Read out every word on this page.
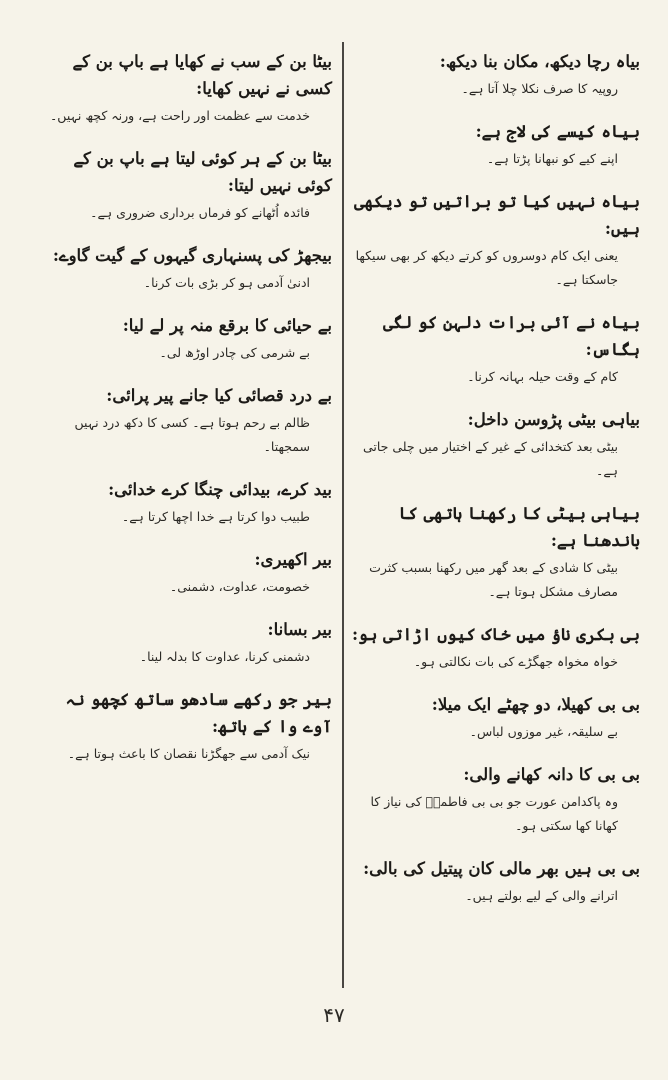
بیاہ رچا دیکھ، مکان بنا دیکھ:

روپیہ کا صرف نکلا چلا آتا ہے۔

بیاہ کیسے کی لاج ہے:

اپنے کیے کو نبھانا پڑتا ہے۔

بیاہ نہیں کیا تو براتیں تو دیکھی ہیں:

یعنی ایک کام دوسروں کو کرتے دیکھ کر بھی سیکھا جاسکتا ہے۔

بیاہ نے آئی برات دلہن کو لگی ہگاس:

کام کے وقت حیلہ بہانہ کرنا۔

بیاہی بیٹی پڑوسن داخل:

بیٹی بعد کتخدائی کے غیر کے اختیار میں چلی جاتی ہے۔

بیاہی بیٹی کا رکھنا ہاتھی کا باندھنا ہے:

بیٹی کا شادی کے بعد گھر میں رکھنا بسبب کثرت مصارف مشکل ہوتا ہے۔

بی بکری ناؤ میں خاک کیوں اڑاتی ہو:

خواہ مخواہ جھگڑے کی بات نکالتی ہو۔

بی بی کھیلا، دو چھٹے ایک میلا:

بے سلیقہ، غیر موزوں لباس۔

بی بی کا دانہ کھانے والی:

وہ پاکدامن عورت جو بی بی فاطمہؓ کی نیاز کا کھانا کھا سکتی ہو۔

بی بی ہیں بھر مالی کان پیتیل کی بالی:

اترانے والی کے لیے بولتے ہیں۔

بیٹا بن کے سب نے کھایا ہے باپ بن کے کسی نے نہیں کھایا:

خدمت سے عظمت اور راحت ہے، ورنہ کچھ نہیں۔

بیٹا بن کے ہر کوئی لیتا ہے باپ بن کے کوئی نہیں لیتا:

فائدہ اُٹھانے کو فرماں برداری ضروری ہے۔

بیجھڑ کی پسنہاری گیہوں کے گیت گاوے:

ادنیٰ آدمی ہو کر بڑی بات کرنا۔

بے حیائی کا برقع منہ پر لے لیا:

بے شرمی کی چادر اوڑھ لی۔

بے درد قصائی کیا جانے پیر پرائی:

ظالم بے رحم ہوتا ہے۔ کسی کا دکھ درد نہیں سمجھتا۔

بید کرے، بیدائی چنگا کرے خدائی:

طبیب دوا کرتا ہے خدا اچھا کرتا ہے۔

بیر اکھیری:

خصومت، عداوت، دشمنی۔

بیر بسانا:

دشمنی کرنا، عداوت کا بدلہ لینا۔

بیر جو رکھے سادھو ساتھ کچھو نہ آوے وا کے ہاتھ:

نیک آدمی سے جھگڑنا نقصان کا باعث ہوتا ہے۔

۴۷
